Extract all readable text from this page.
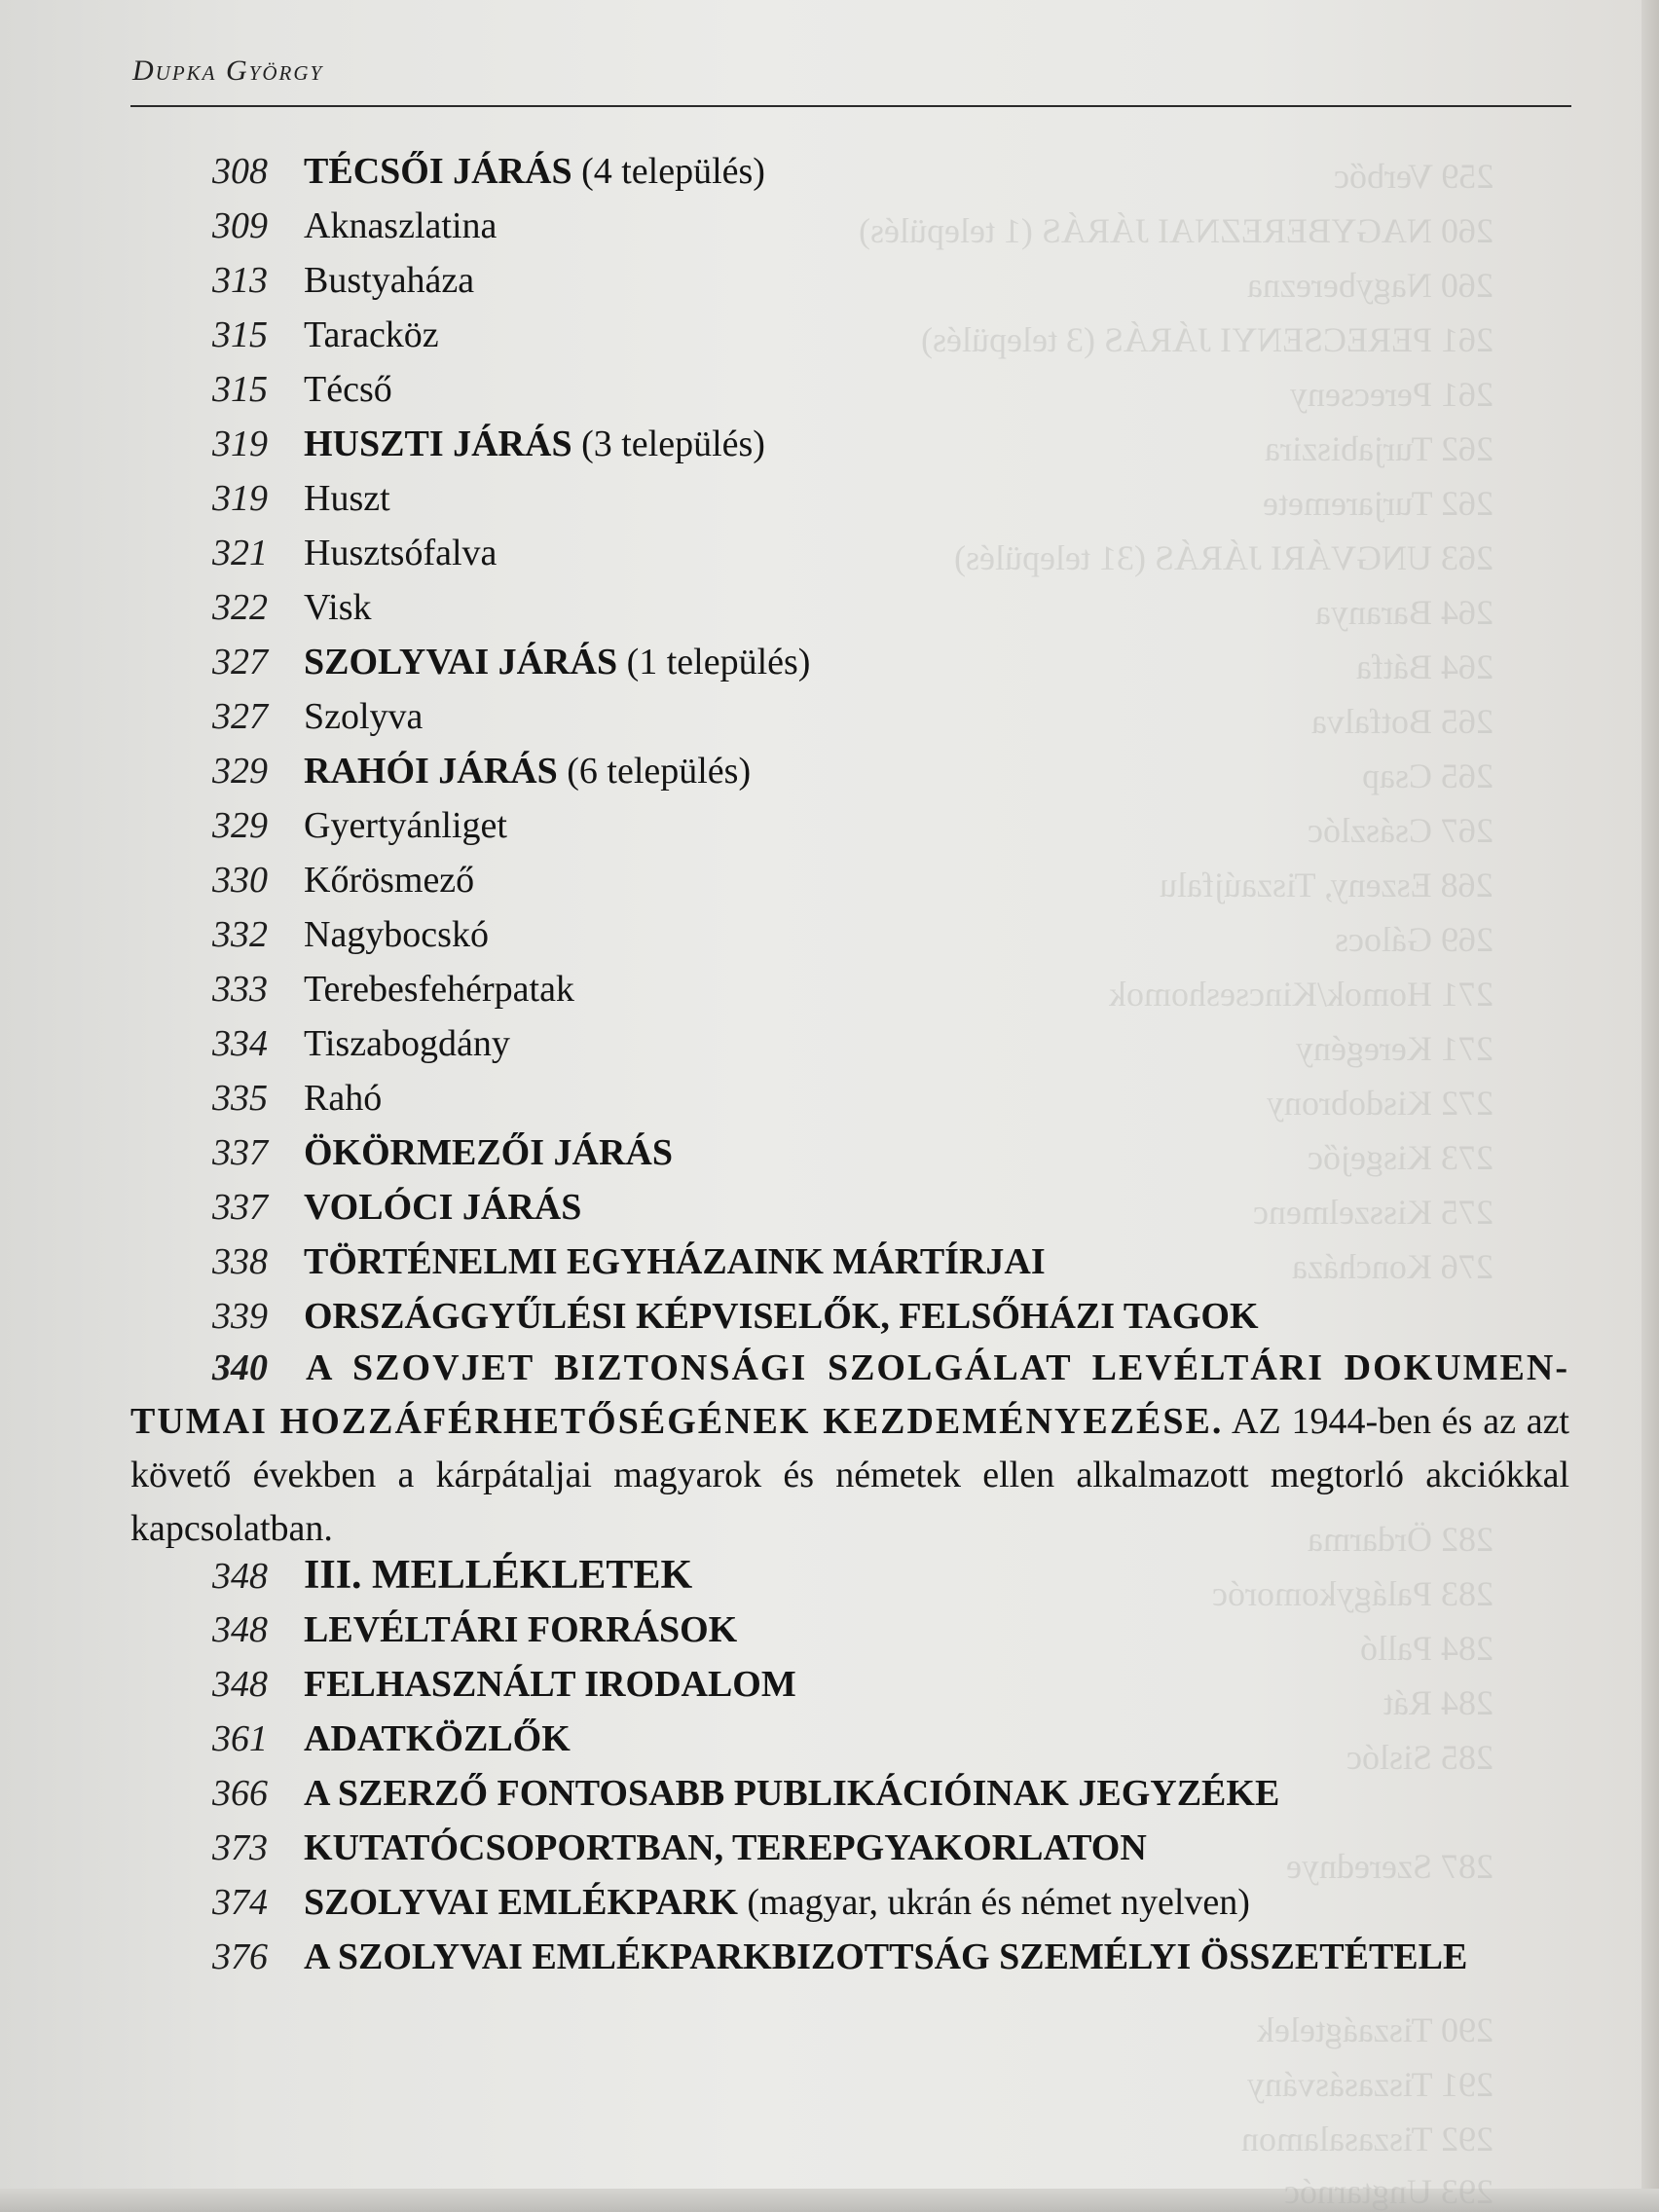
259 Verbőc
260 NAGYBEREZNAI JÁRÁS (1 település)
260 Nagyberezna
261 PERECSENYI JÁRÁS (3 település)
261 Perecseny
262 Turjabiszira
262 Turjaremete
263 UNGVÁRI JÁRÁS (31 település)
264 Baranya
264 Bátfa
265 Botfalva
265 Csap
267 Császlóc
268 Eszeny, Tiszaújfalu
269 Gálocs
271 Homok/Kincseshomok
271 Keregény
272 Kisdobrony
273 Kisgejőc
275 Kisszelmenc
276 Koncháza
282 Ördarma
283 Palágykomoróc
284 Palló
284 Rát
285 Sislóc
287 Szerednye
290 Tiszaágtelek
291 Tiszasásvány
292 Tiszasalamon
293 Ungtarnóc
Dupka György
308 TÉCSŐI JÁRÁS (4 település)
309 Aknaszlatina
313 Bustyaháza
315 Taracköz
315 Técső
319 HUSZTI JÁRÁS (3 település)
319 Huszt
321 Husztsófalva
322 Visk
327 SZOLYVAI JÁRÁS (1 település)
327 Szolyva
329 RAHÓI JÁRÁS (6 település)
329 Gyertyánliget
330 Kőrösmező
332 Nagybocskó
333 Terebesfehérpatak
334 Tiszabogdány
335 Rahó
337 ÖKÖRMEZŐI JÁRÁS
337 VOLÓCI JÁRÁS
338 TÖRTÉNELMI EGYHÁZAINK MÁRTÍRJAI
339 ORSZÁGGYŰLÉSI KÉPVISELŐK, FELSŐHÁZI TAGOK
340 A SZOVJET BIZTONSÁGI SZOLGÁLAT LEVÉLTÁRI DOKUMEN-
TUMAI HOZZÁFÉRHETŐSÉGÉNEK KEZDEMÉNYEZÉSE. AZ 1944-ben és az azt követő években a kárpátaljai magyarok és németek ellen alkalmazott megtorló akciókkal kapcsolatban.
348 III. MELLÉKLETEK
348 LEVÉLTÁRI FORRÁSOK
348 FELHASZNÁLT IRODALOM
361 ADATKÖZLŐK
366 A SZERZŐ FONTOSABB PUBLIKÁCIÓINAK JEGYZÉKE
373 KUTATÓCSOPORTBAN, TEREPGYAKORLATON
374 SZOLYVAI EMLÉKPARK (magyar, ukrán és német nyelven)
376 A SZOLYVAI EMLÉKPARKBIZOTTSÁG SZEMÉLYI ÖSSZETÉTELE
